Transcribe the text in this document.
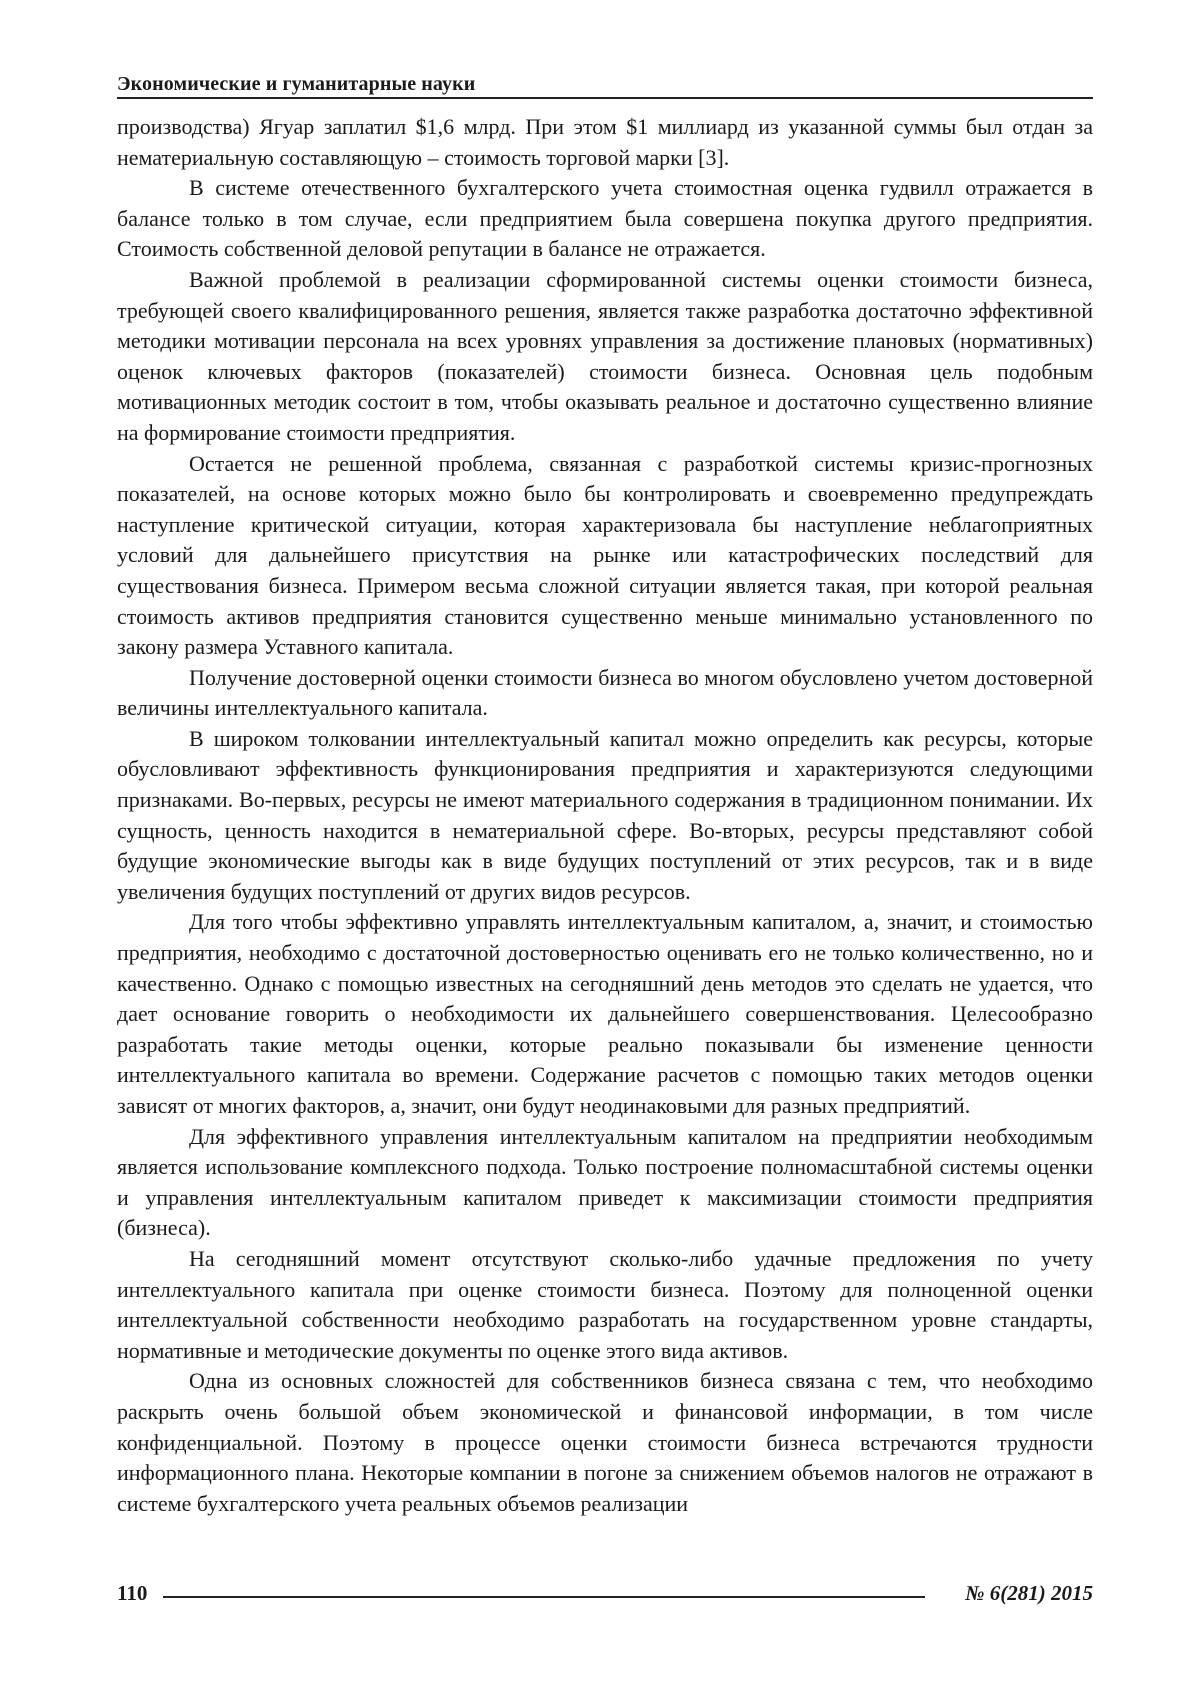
Экономические и гуманитарные науки

производства) Ягуар заплатил $1,6 млрд. При этом $1 миллиард из указанной суммы был отдан за нематериальную составляющую – стоимость торговой марки [3].

В системе отечественного бухгалтерского учета стоимостная оценка гудвилл отражается в балансе только в том случае, если предприятием была совершена покупка другого предприятия. Стоимость собственной деловой репутации в балансе не отражается.

Важной проблемой в реализации сформированной системы оценки стоимости бизнеса, требующей своего квалифицированного решения, является также разработка достаточно эффективной методики мотивации персонала на всех уровнях управления за достижение плановых (нормативных) оценок ключевых факторов (показателей) стоимости бизнеса. Основная цель подобным мотивационных методик состоит в том, чтобы оказывать реальное и достаточно существенно влияние на формирование стоимости предприятия.

Остается не решенной проблема, связанная с разработкой системы кризис-прогнозных показателей, на основе которых можно было бы контролировать и своевременно предупреждать наступление критической ситуации, которая характеризовала бы наступление неблагоприятных условий для дальнейшего присутствия на рынке или катастрофических последствий для существования бизнеса. Примером весьма сложной ситуации является такая, при которой реальная стоимость активов предприятия становится существенно меньше минимально установленного по закону размера Уставного капитала.

Получение достоверной оценки стоимости бизнеса во многом обусловлено учетом достоверной величины интеллектуального капитала.

В широком толковании интеллектуальный капитал можно определить как ресурсы, которые обусловливают эффективность функционирования предприятия и характеризуются следующими признаками. Во-первых, ресурсы не имеют материального содержания в традиционном понимании. Их сущность, ценность находится в нематериальной сфере. Во-вторых, ресурсы представляют собой будущие экономические выгоды как в виде будущих поступлений от этих ресурсов, так и в виде увеличения будущих поступлений от других видов ресурсов.

Для того чтобы эффективно управлять интеллектуальным капиталом, а, значит, и стоимостью предприятия, необходимо с достаточной достоверностью оценивать его не только количественно, но и качественно. Однако с помощью известных на сегодняшний день методов это сделать не удается, что дает основание говорить о необходимости их дальнейшего совершенствования. Целесообразно разработать такие методы оценки, которые реально показывали бы изменение ценности интеллектуального капитала во времени. Содержание расчетов с помощью таких методов оценки зависят от многих факторов, а, значит, они будут неодинаковыми для разных предприятий.

Для эффективного управления интеллектуальным капиталом на предприятии необходимым является использование комплексного подхода. Только построение полномасштабной системы оценки и управления интеллектуальным капиталом приведет к максимизации стоимости предприятия (бизнеса).

На сегодняшний момент отсутствуют сколько-либо удачные предложения по учету интеллектуального капитала при оценке стоимости бизнеса. Поэтому для полноценной оценки интеллектуальной собственности необходимо разработать на государственном уровне стандарты, нормативные и методические документы по оценке этого вида активов.

Одна из основных сложностей для собственников бизнеса связана с тем, что необходимо раскрыть очень большой объем экономической и финансовой информации, в том числе конфиденциальной. Поэтому в процессе оценки стоимости бизнеса встречаются трудности информационного плана. Некоторые компании в погоне за снижением объемов налогов не отражают в системе бухгалтерского учета реальных объемов реализации

110	№ 6(281) 2015
